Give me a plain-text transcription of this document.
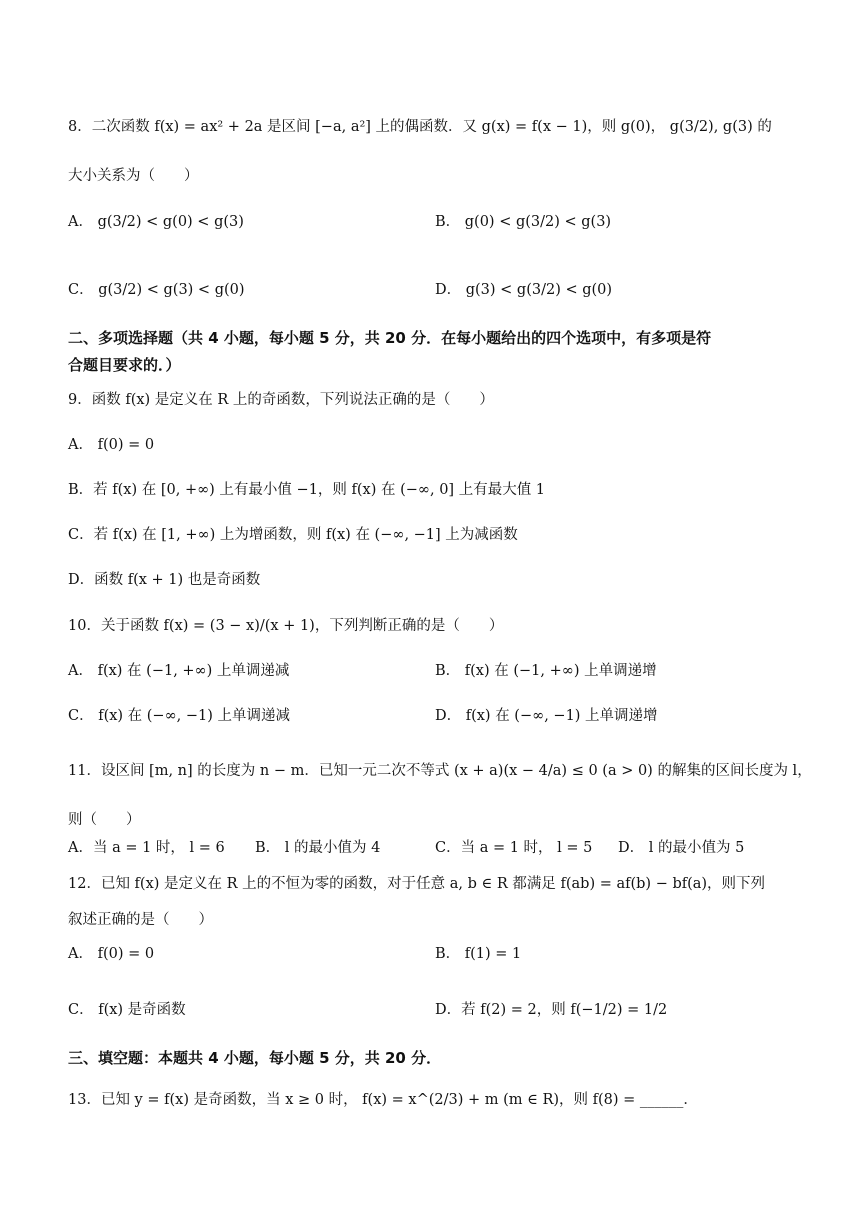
8．二次函数 f(x) = ax² + 2a 是区间 [−a, a²] 上的偶函数．又 g(x) = f(x − 1)，则 g(0)， g(3/2), g(3) 的
大小关系为（　　）
A． g(3/2) < g(0) < g(3)	B． g(0) < g(3/2) < g(3)
C． g(3/2) < g(3) < g(0)	D． g(3) < g(3/2) < g(0)
二、多项选择题（共 4 小题，每小题 5 分，共 20 分．在每小题给出的四个选项中，有多项是符
合题目要求的．）
9．函数 f(x) 是定义在 R 上的奇函数，下列说法正确的是（　　）
A． f(0) = 0
B．若 f(x) 在 [0, +∞) 上有最小值 −1，则 f(x) 在 (−∞, 0] 上有最大值 1
C．若 f(x) 在 [1, +∞) 上为增函数，则 f(x) 在 (−∞, −1] 上为减函数
D．函数 f(x + 1) 也是奇函数
10．关于函数 f(x) = (3 − x)/(x + 1)，下列判断正确的是（　　）
A． f(x) 在 (−1, +∞) 上单调递减	B． f(x) 在 (−1, +∞) 上单调递增
C． f(x) 在 (−∞, −1) 上单调递减	D． f(x) 在 (−∞, −1) 上单调递增
11．设区间 [m, n] 的长度为 n − m．已知一元二次不等式 (x + a)(x − 4/a) ≤ 0 (a > 0) 的解集的区间长度为 l，
则（　　）
A．当 a = 1 时， l = 6 B． l 的最小值为 4	C．当 a = 1 时， l = 5 D． l 的最小值为 5
12．已知 f(x) 是定义在 R 上的不恒为零的函数，对于任意 a, b ∈ R 都满足 f(ab) = af(b) − bf(a)，则下列
叙述正确的是（　　）
A． f(0) = 0	B． f(1) = 1
C． f(x) 是奇函数	D．若 f(2) = 2，则 f(−1/2) = 1/2
三、填空题：本题共 4 小题，每小题 5 分，共 20 分．
13．已知 y = f(x) 是奇函数，当 x ≥ 0 时， f(x) = x^(2/3) + m (m ∈ R)，则 f(8) = ______．
